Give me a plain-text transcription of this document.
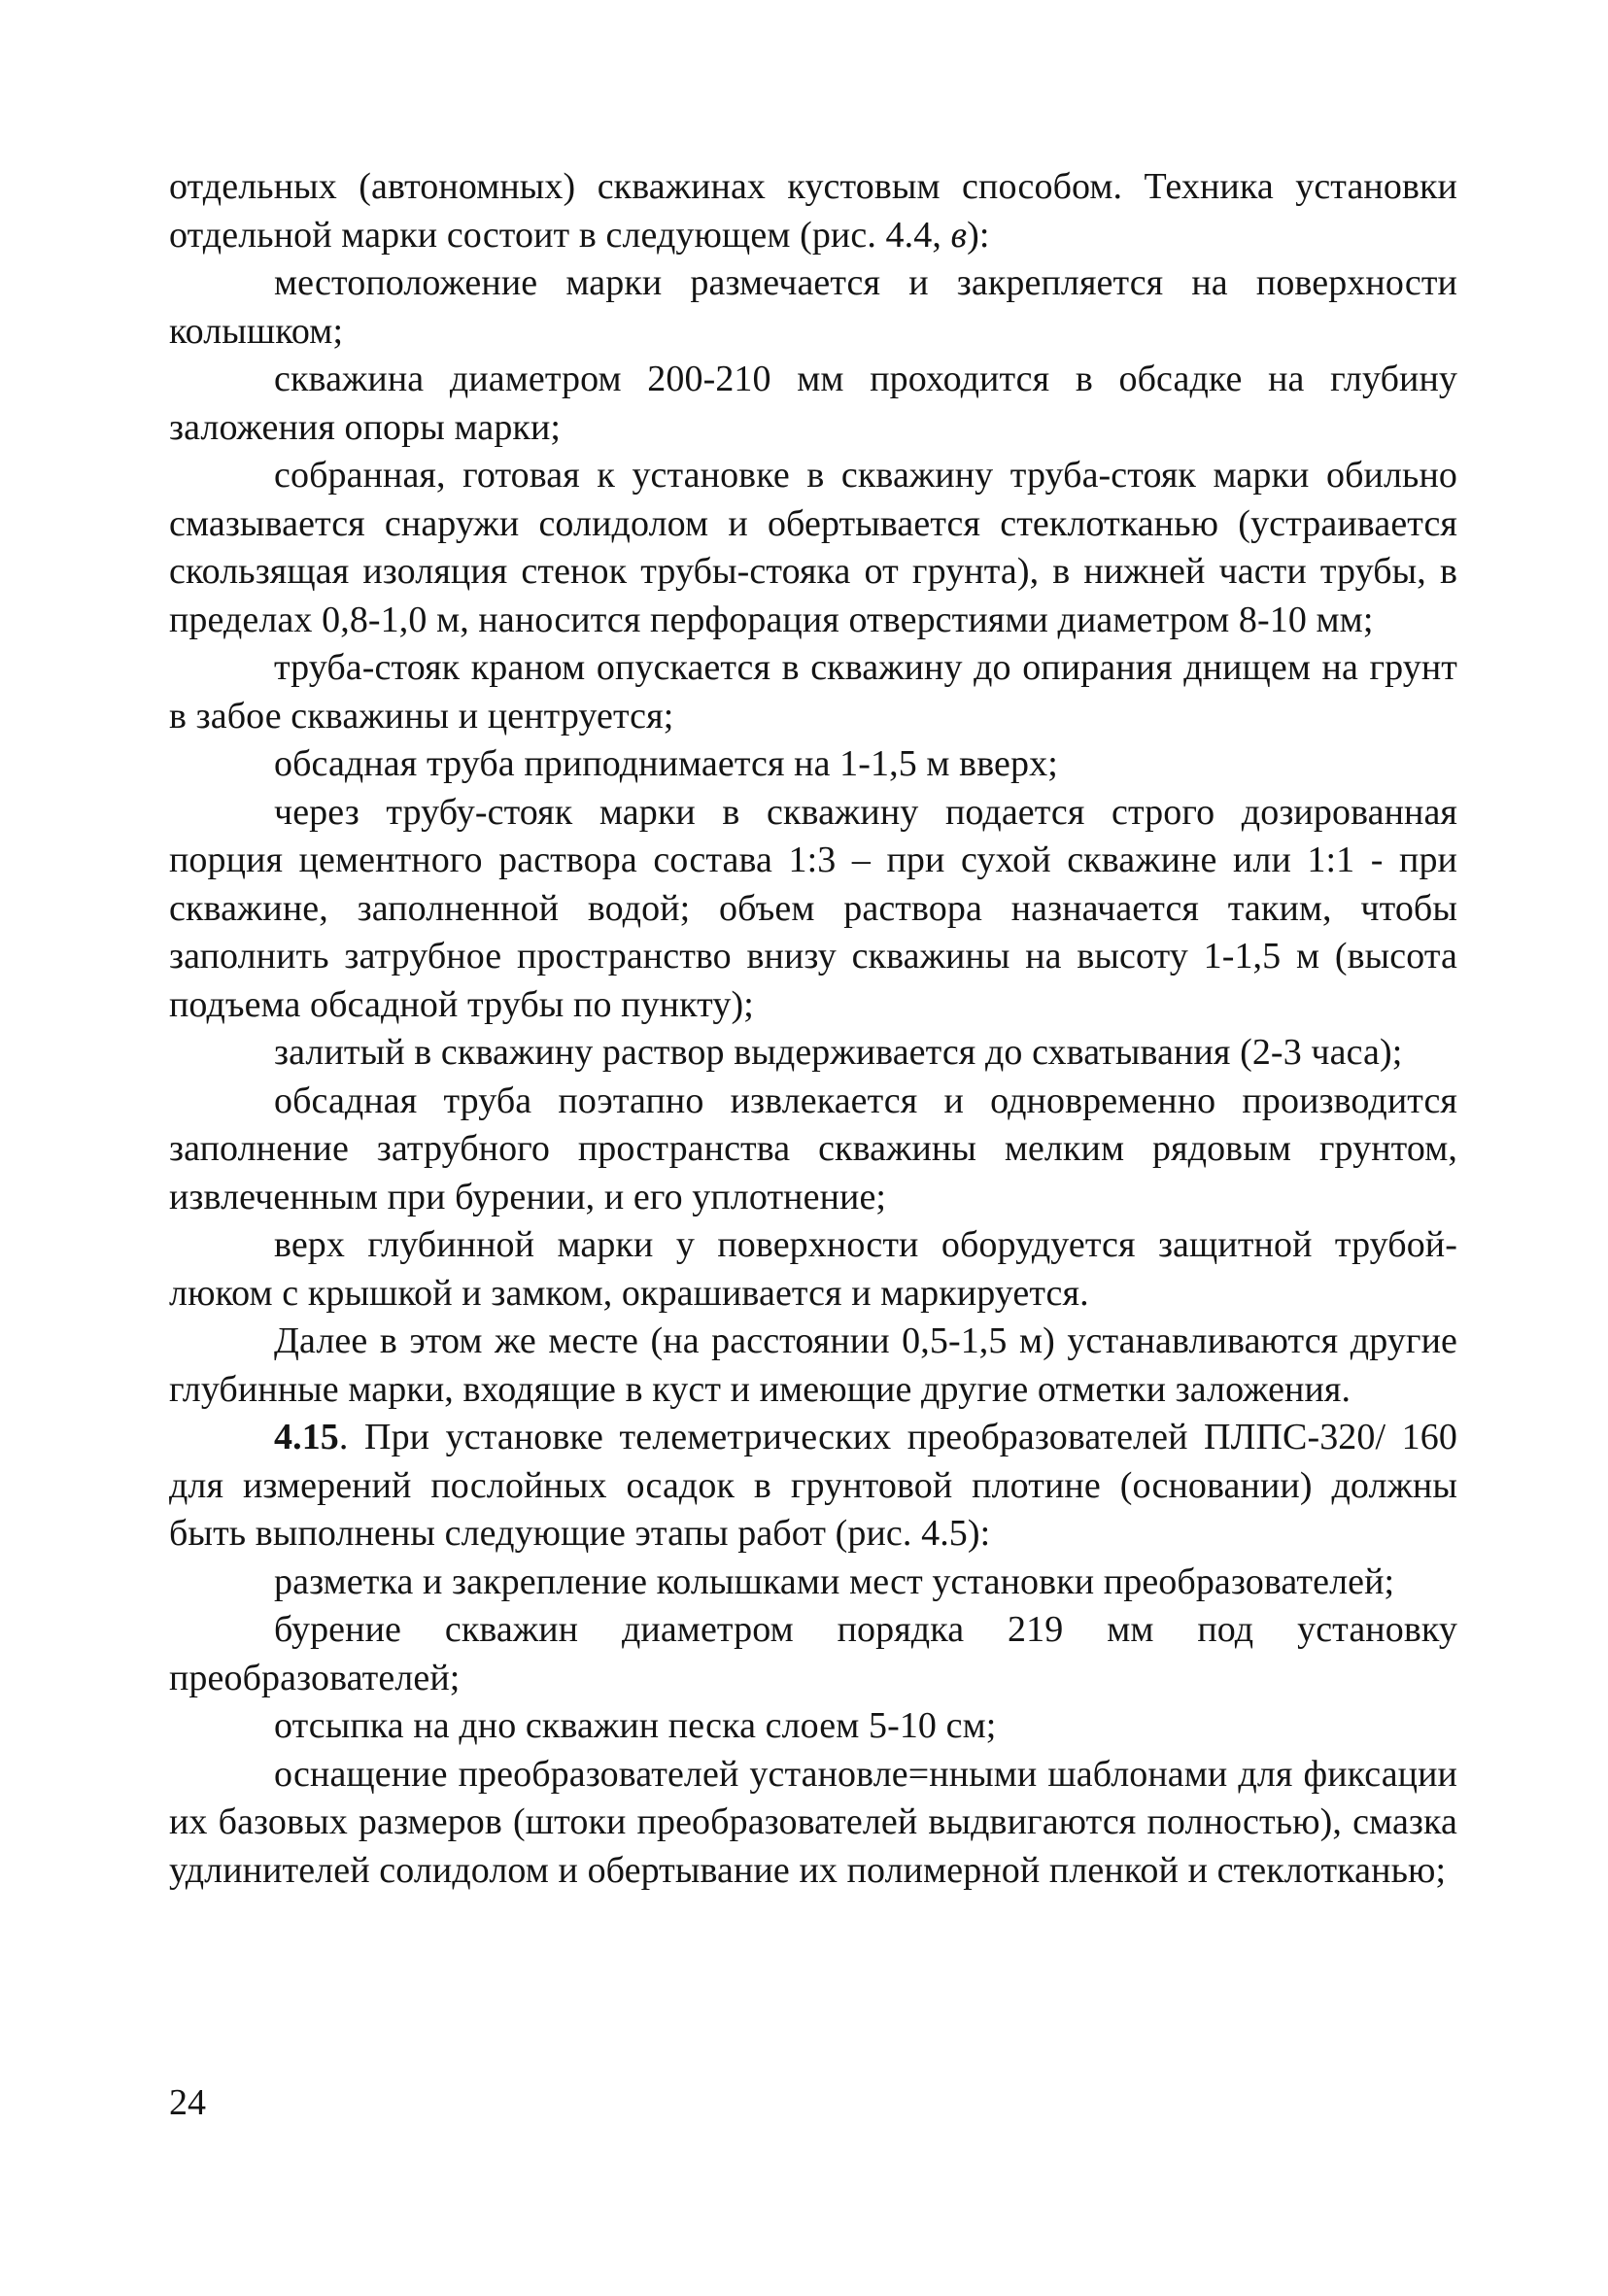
отдельных (автономных) скважинах кустовым способом. Техника установки отдельной марки состоит в следующем (рис. 4.4, в):

местоположение марки размечается и закрепляется на поверхности колышком;

скважина диаметром 200-210 мм проходится в обсадке на глубину заложения опоры марки;

собранная, готовая к установке в скважину труба-стояк марки обильно смазывается снаружи солидолом и обертывается стеклотканью (устраивается скользящая изоляция стенок трубы-стояка от грунта), в нижней части трубы, в пределах 0,8-1,0 м, наносится перфорация отверстиями диаметром 8-10 мм;

труба-стояк краном опускается в скважину до опирания днищем на грунт в забое скважины и центруется;

обсадная труба приподнимается на 1-1,5 м вверх;

через трубу-стояк марки в скважину подается строго дозированная порция цементного раствора состава 1:3 – при сухой скважине или 1:1 - при скважине, заполненной водой; объем раствора назначается таким, чтобы заполнить затрубное пространство внизу скважины на высоту 1-1,5 м (высота подъема обсадной трубы по пункту);

залитый в скважину раствор выдерживается до схватывания (2-3 часа);

обсадная труба поэтапно извлекается и одновременно производится заполнение затрубного пространства скважины мелким рядовым грунтом, извлеченным при бурении, и его уплотнение;

верх глубинной марки у поверхности оборудуется защитной трубой-люком с крышкой и замком, окрашивается и маркируется.

Далее в этом же месте (на расстоянии 0,5-1,5 м) устанавливаются другие глубинные марки, входящие в куст и имеющие другие отметки заложения.

4.15. При установке телеметрических преобразователей ПЛПС-320/ 160 для измерений послойных осадок в грунтовой плотине (основании) должны быть выполнены следующие этапы работ (рис. 4.5):

разметка и закрепление колышками мест установки преобразователей;

бурение скважин диаметром порядка 219 мм под установку преобразователей;

отсыпка на дно скважин песка слоем 5-10 см;

оснащение преобразователей установле=нными шаблонами для фиксации их базовых размеров (штоки преобразователей выдвигаются полностью), смазка удлинителей солидолом и обертывание их полимерной пленкой и стеклотканью;

24
